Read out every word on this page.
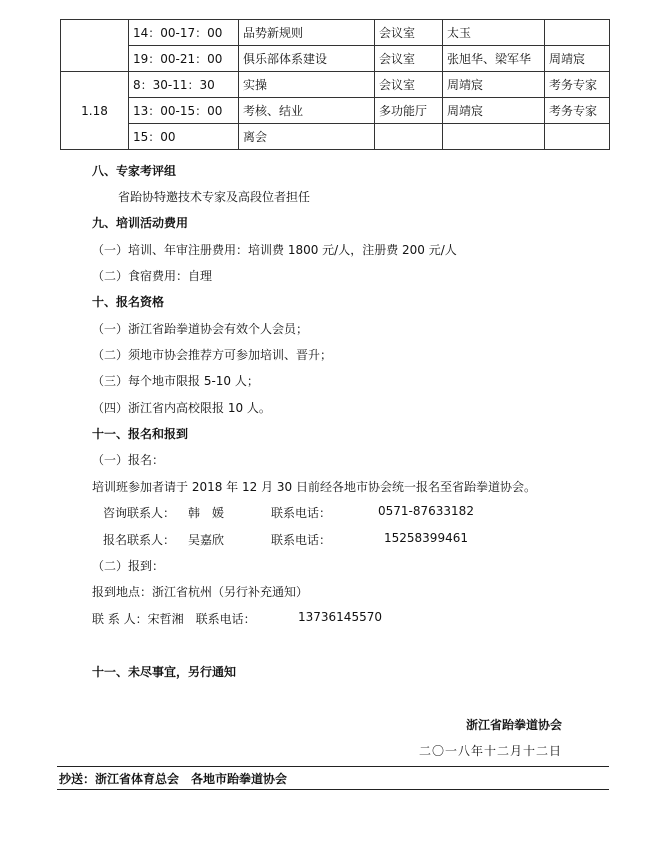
	14：00-17：00	品势新规则	会议室	太玉	
	19：00-21：00	俱乐部体系建设	会议室	张旭华、梁军华	周靖宸
1.18	8：30-11：30	实操	会议室	周靖宸	考务专家
	13：00-15：00	考核、结业	多功能厅	周靖宸	考务专家
	15：00	离会			
八、专家考评组
省跆协特邀技术专家及高段位者担任
九、培训活动费用
（一）培训、年审注册费用：培训费 1800 元/人，注册费 200 元/人
（二）食宿费用：自理
十、报名资格
（一）浙江省跆拳道协会有效个人会员；
（二）须地市协会推荐方可参加培训、晋升；
（三）每个地市限报 5-10 人；
（四）浙江省内高校限报 10 人。
十一、报名和报到
（一）报名：
培训班参加者请于 2018 年 12 月 30 日前经各地市协会统一报名至省跆拳道协会。
咨询联系人： 韩　媛	联系电话：	0571-87633182
报名联系人： 吴嘉欣	联系电话：	15258399461
（二）报到：
报到地点：浙江省杭州（另行补充通知）
联 系 人：宋哲湘　联系电话：	13736145570
十一、未尽事宜，另行通知
浙江省跆拳道协会
二〇一八年十二月十二日
抄送：浙江省体育总会　各地市跆拳道协会
